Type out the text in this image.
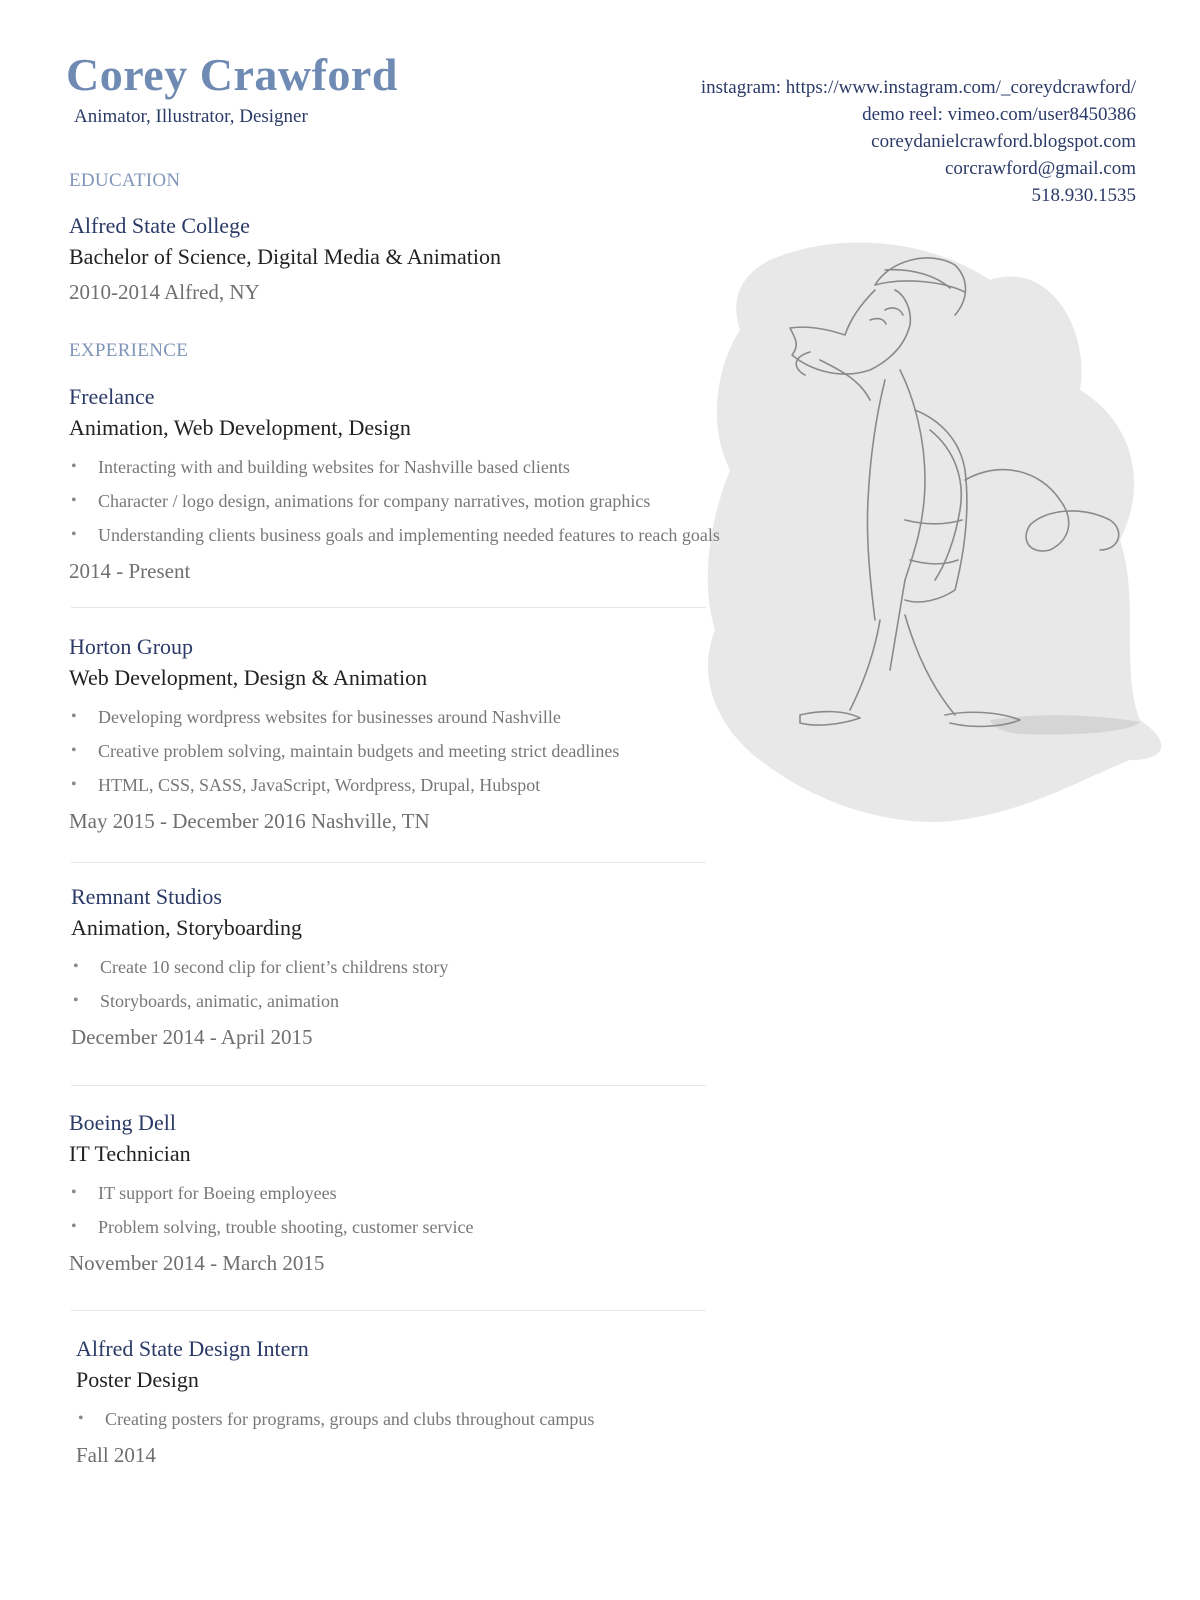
Corey Crawford
Animator, Illustrator, Designer
instagram: https://www.instagram.com/_coreydcrawford/
demo reel: vimeo.com/user8450386
coreydanielcrawford.blogspot.com
corcrawford@gmail.com
518.930.1535
EDUCATION
Alfred State College
Bachelor of Science, Digital Media & Animation
2010-2014 Alfred, NY
EXPERIENCE
Freelance
Animation, Web Development, Design
• Interacting with and building websites for Nashville based clients
• Character / logo design, animations for company narratives, motion graphics
• Understanding clients business goals and implementing needed features to reach goals
2014 - Present
Horton Group
Web Development, Design & Animation
• Developing wordpress websites for businesses around Nashville
• Creative problem solving, maintain budgets and meeting strict deadlines
• HTML, CSS, SASS, JavaScript, Wordpress, Drupal, Hubspot
May 2015 - December 2016 Nashville, TN
Remnant Studios
Animation, Storyboarding
• Create 10 second clip for client’s childrens story
• Storyboards, animatic, animation
December 2014 - April 2015
Boeing Dell
IT Technician
• IT support for Boeing employees
• Problem solving, trouble shooting, customer service
November 2014 - March 2015
Alfred State Design Intern
Poster Design
• Creating posters for programs, groups and clubs throughout campus
Fall 2014
